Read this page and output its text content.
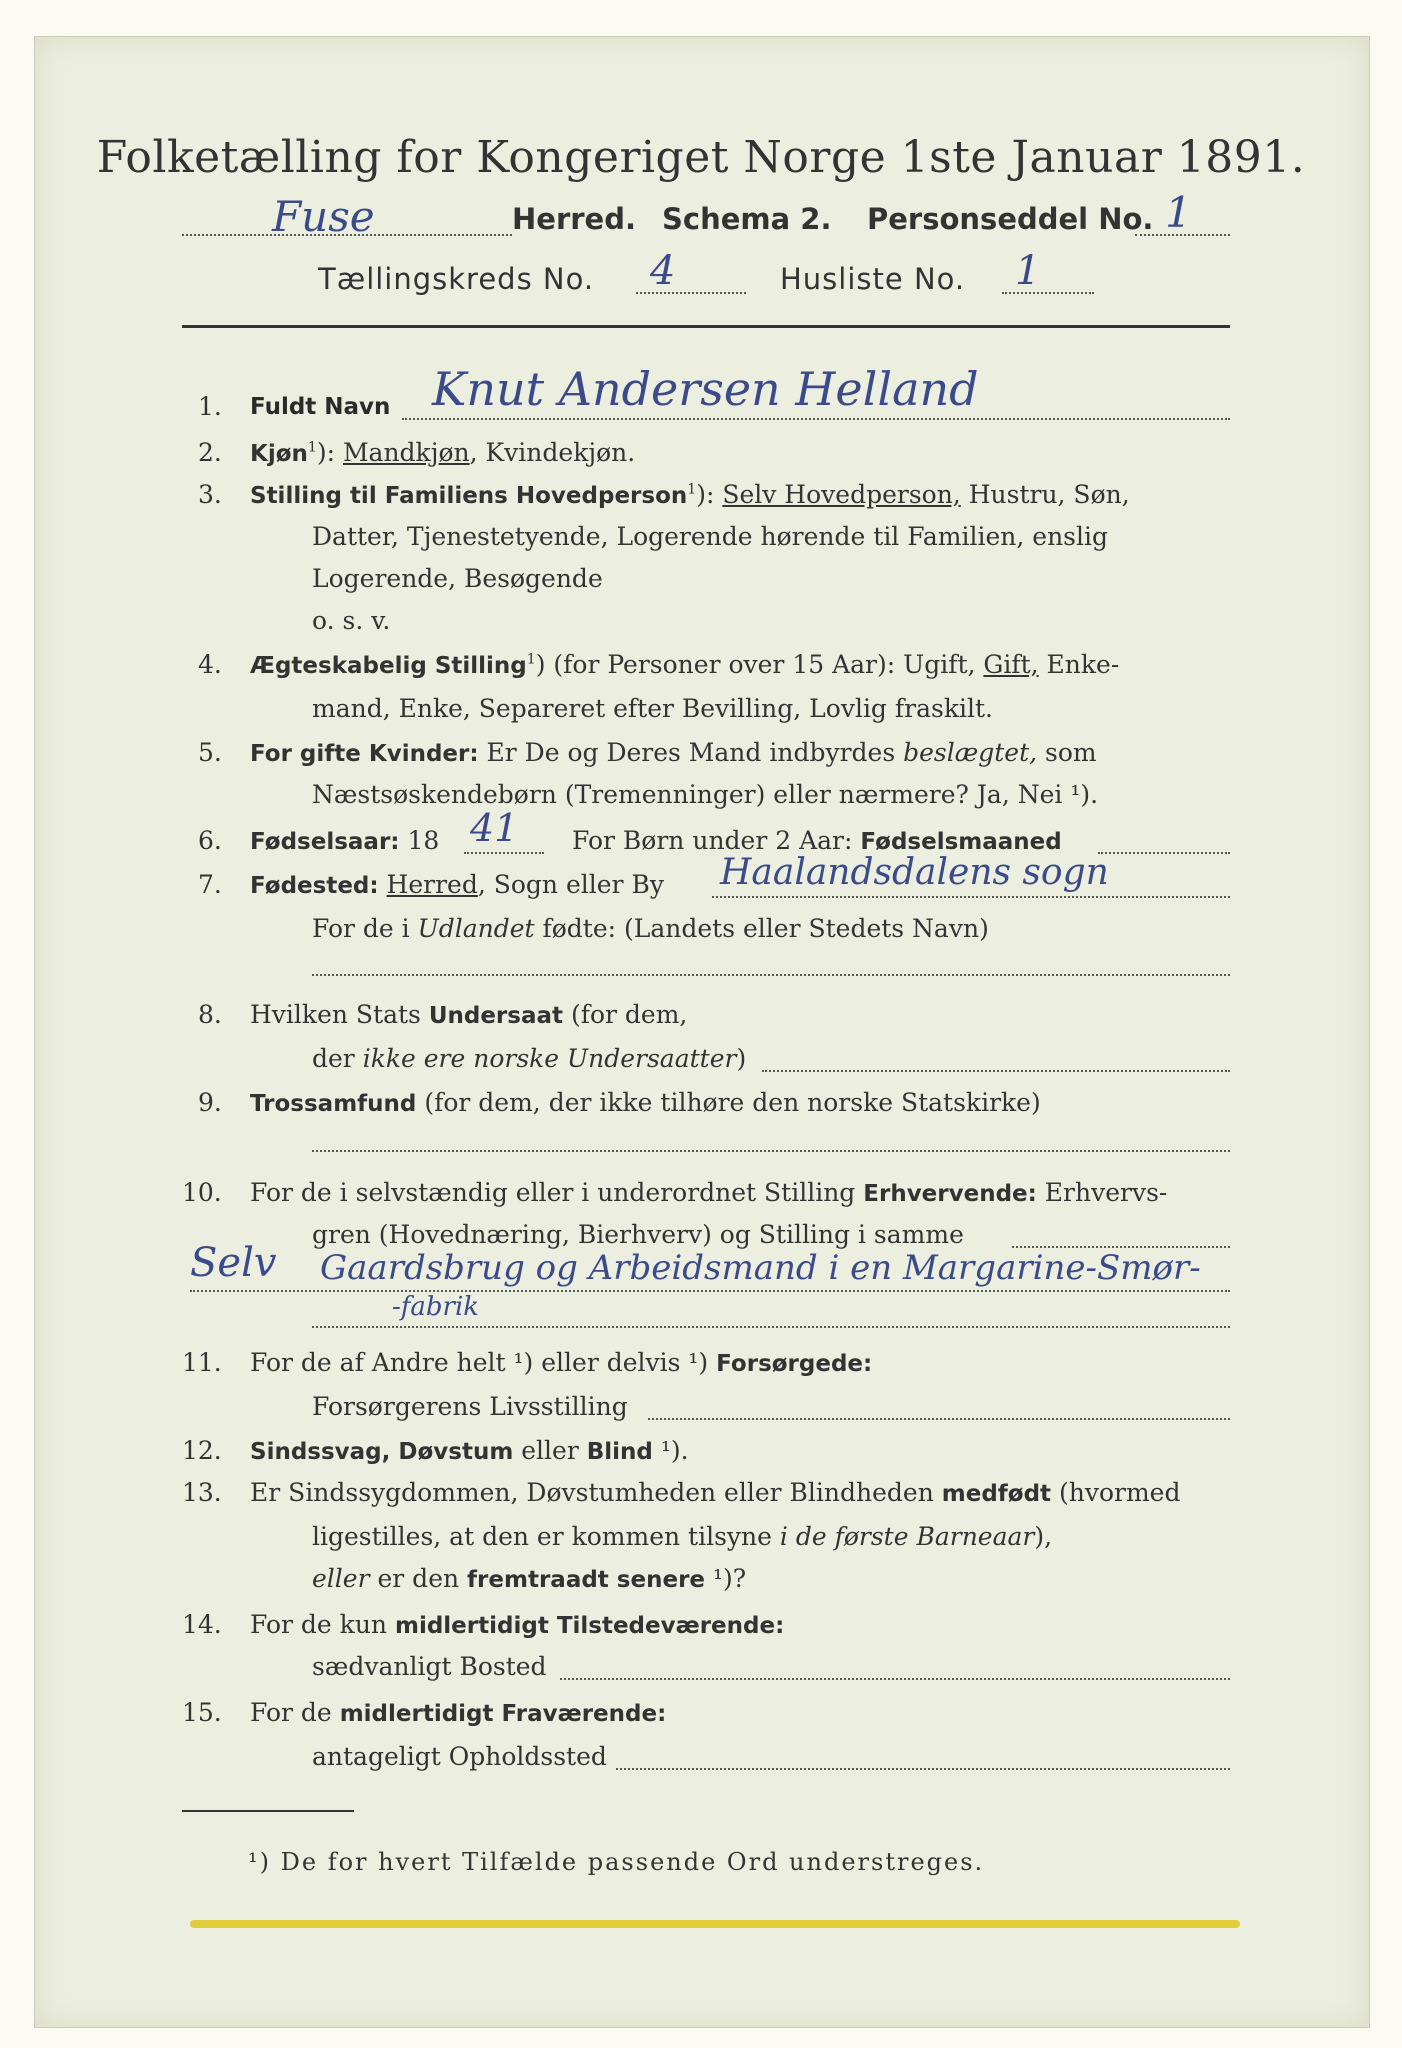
Folketælling for Kongeriget Norge 1ste Januar 1891.
Fuse	Herred. Schema 2. Personseddel No. 1
Tællingskreds No. 4	Husliste No. 1
1. Fuldt Navn Knut Andersen Helland
2. Kjøn$^1$): Mandkjøn, Kvindekjøn.
3. Stilling til Familiens Hovedperson$^1$): Selv Hovedperson, Hustru, Søn,
Datter, Tjenestetyende, Logerende hørende til Familien, enslig
Logerende, Besøgende
o. s. v.
4. Ægteskabelig Stilling$^1$) (for Personer over 15 Aar): Ugift, Gift, Enke-
mand, Enke, Separeret efter Bevilling, Lovlig fraskilt.
5. For gifte Kvinder: Er De og Deres Mand indbyrdes beslægtet, som
Næstsøskendebørn (Tremenninger) eller nærmere? Ja, Nei ¹).
6. Fødselsaar: 18 41 For Børn under 2 Aar: Fødselsmaaned
7. Fødested: Herred, Sogn eller By Haalandsdalens sogn
For de i Udlandet fødte: (Landets eller Stedets Navn)
8. Hvilken Stats Undersaat (for dem,
der ikke ere norske Undersaatter)
9. Trossamfund (for dem, der ikke tilhøre den norske Statskirke)
10. For de i selvstændig eller i underordnet Stilling Erhvervende: Erhvervs-
gren (Hovednæring, Bierhverv) og Stilling i samme
Selv Gaardsbrug og Arbeidsmand i en Margarine-Smør-
-fabrik
11. For de af Andre helt ¹) eller delvis ¹) Forsørgede:
Forsørgerens Livsstilling
12. Sindssvag, Døvstum eller Blind ¹).
13. Er Sindssygdommen, Døvstumheden eller Blindheden medfødt (hvormed
ligestilles, at den er kommen tilsyne i de første Barneaar),
eller er den fremtraadt senere ¹)?
14. For de kun midlertidigt Tilstedeværende:
sædvanligt Bosted
15. For de midlertidigt Fraværende:
antageligt Opholdssted
¹) De for hvert Tilfælde passende Ord understreges.
